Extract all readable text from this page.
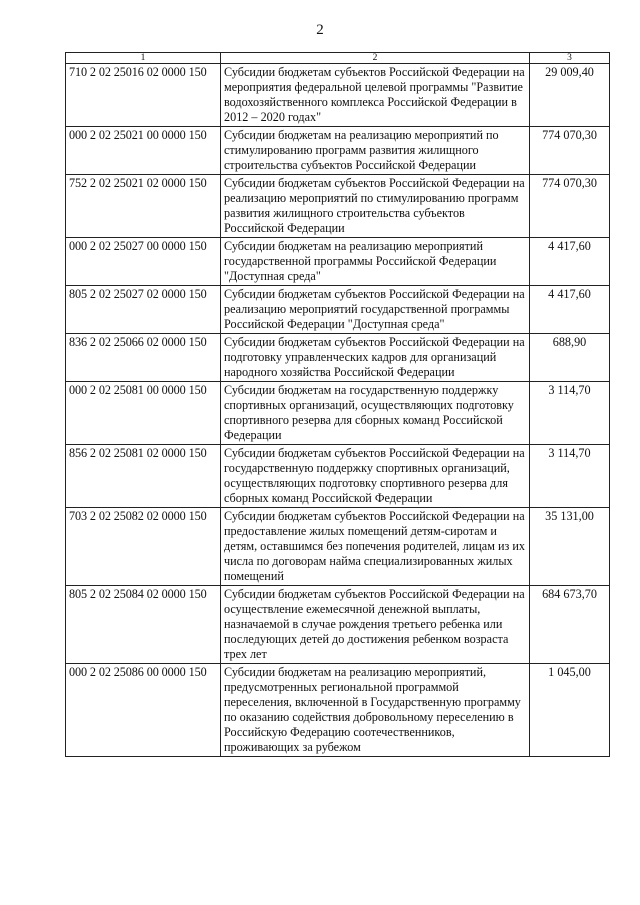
2
1	2	3
710 2 02 25016 02 0000 150	Субсидии бюджетам субъектов Российской Федерации на мероприятия федеральной целевой программы "Развитие водохозяйственного комплекса Российской Федерации в 2012 – 2020 годах"	29 009,40
000 2 02 25021 00 0000 150	Субсидии бюджетам на реализацию мероприятий по стимулированию программ развития жилищного строительства субъектов Российской Федерации	774 070,30
752 2 02 25021 02 0000 150	Субсидии бюджетам субъектов Российской Федерации на реализацию мероприятий по стимулированию программ развития жилищного строительства субъектов Российской Федерации	774 070,30
000 2 02 25027 00 0000 150	Субсидии бюджетам на реализацию мероприятий государственной программы Российской Федерации "Доступная среда"	4 417,60
805 2 02 25027 02 0000 150	Субсидии бюджетам субъектов Российской Федерации на реализацию мероприятий государственной программы Российской Федерации "Доступная среда"	4 417,60
836 2 02 25066 02 0000 150	Субсидии бюджетам субъектов Российской Федерации на подготовку управленческих кадров для организаций народного хозяйства Российской Федерации	688,90
000 2 02 25081 00 0000 150	Субсидии бюджетам на государственную поддержку спортивных организаций, осуществляющих подготовку спортивного резерва для сборных команд Российской Федерации	3 114,70
856 2 02 25081 02 0000 150	Субсидии бюджетам субъектов Российской Федерации на государственную поддержку спортивных организаций, осуществляющих подготовку спортивного резерва для сборных команд Российской Федерации	3 114,70
703 2 02 25082 02 0000 150	Субсидии бюджетам субъектов Российской Федерации на предоставление жилых помещений детям-сиротам и детям, оставшимся без попечения родителей, лицам из их числа по договорам найма специализированных жилых помещений	35 131,00
805 2 02 25084 02 0000 150	Субсидии бюджетам субъектов Российской Федерации на осуществление ежемесячной денежной выплаты, назначаемой в случае рождения третьего ребенка или последующих детей до достижения ребенком возраста трех лет	684 673,70
000 2 02 25086 00 0000 150	Субсидии бюджетам на реализацию мероприятий, предусмотренных региональной программой переселения, включенной в Государственную программу по оказанию содействия добровольному переселению в Российскую Федерацию соотечественников, проживающих за рубежом	1 045,00
